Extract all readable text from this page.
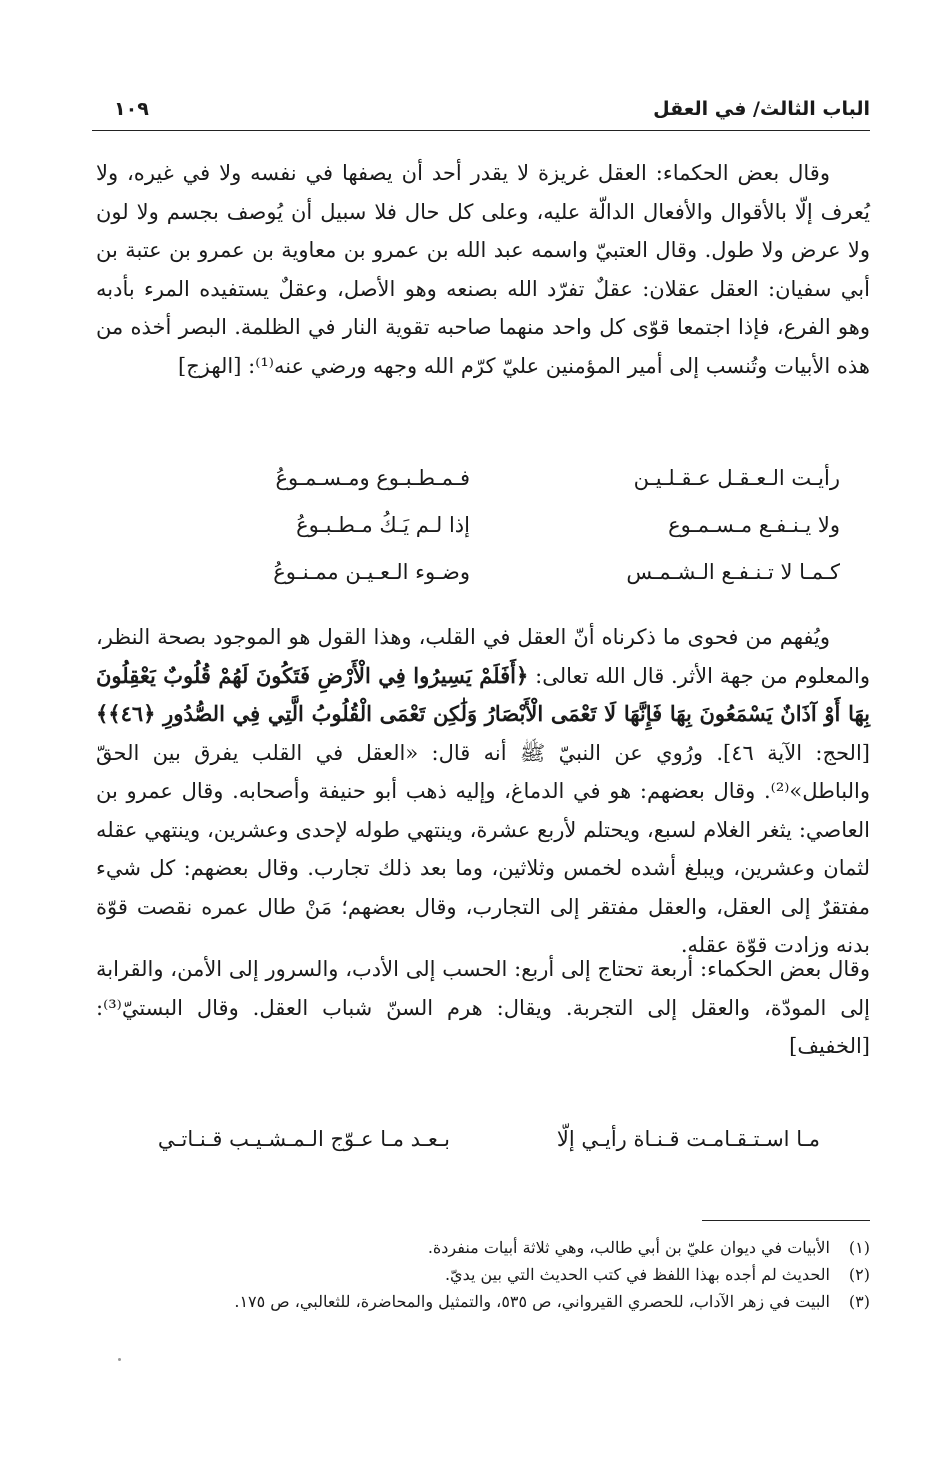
الباب الثالث/ في العقل
١٠٩
وقال بعض الحكماء: العقل غريزة لا يقدر أحد أن يصفها في نفسه ولا في غيره، ولا يُعرف إلّا بالأقوال والأفعال الدالّة عليه، وعلى كل حال فلا سبيل أن يُوصف بجسم ولا لون ولا عرض ولا طول. وقال العتبيّ واسمه عبد الله بن عمرو بن معاوية بن عمرو بن عتبة بن أبي سفيان: العقل عقلان: عقلٌ تفرّد الله بصنعه وهو الأصل، وعقلٌ يستفيده المرء بأدبه وهو الفرع، فإذا اجتمعا قوّى كل واحد منهما صاحبه تقوية النار في الظلمة. البصر أخذه من هذه الأبيات وتُنسب إلى أمير المؤمنين عليّ كرّم الله وجهه ورضي عنه⁽¹⁾: [الهزج]
رأيـت الـعـقـل عـقـلـيـن
فـمـطـبـوع ومـسـمـوعُ
ولا يـنـفـع مـسـمـوع
إذا لـم يَـكُ مـطـبـوعُ
كـمـا لا تـنـفـع الـشـمـس
وضـوء الـعـيـن ممـنـوعُ
ويُفهم من فحوى ما ذكرناه أنّ العقل في القلب، وهذا القول هو الموجود بصحة النظر، والمعلوم من جهة الأثر. قال الله تعالى: ﴿أَفَلَمْ يَسِيرُوا فِي الْأَرْضِ فَتَكُونَ لَهُمْ قُلُوبٌ يَعْقِلُونَ بِهَا أَوْ آذَانٌ يَسْمَعُونَ بِهَا فَإِنَّهَا لَا تَعْمَى الْأَبْصَارُ وَلَٰكِن تَعْمَى الْقُلُوبُ الَّتِي فِي الصُّدُورِ ﴿٤٦﴾﴾ [الحج: الآية ٤٦]. ورُوي عن النبيّ ﷺ أنه قال: «العقل في القلب يفرق بين الحقّ والباطل»⁽²⁾. وقال بعضهم: هو في الدماغ، وإليه ذهب أبو حنيفة وأصحابه. وقال عمرو بن العاصي: يثغر الغلام لسبع، ويحتلم لأربع عشرة، وينتهي طوله لإحدى وعشرين، وينتهي عقله لثمان وعشرين، ويبلغ أشده لخمس وثلاثين، وما بعد ذلك تجارب. وقال بعضهم: كل شيء مفتقرٌ إلى العقل، والعقل مفتقر إلى التجارب، وقال بعضهم؛ مَنْ طال عمره نقصت قوّة بدنه وزادت قوّة عقله.
وقال بعض الحكماء: أربعة تحتاج إلى أربع: الحسب إلى الأدب، والسرور إلى الأمن، والقرابة إلى المودّة، والعقل إلى التجربة. ويقال: هرم السنّ شباب العقل. وقال البستيّ⁽³⁾: [الخفيف]
مـا اسـتـقـامـت قـنـاة رأيـي إلّا
بـعـد مـا عـوّج الـمـشـيـب قـنـاتـي
(١)
الأبيات في ديوان عليّ بن أبي طالب، وهي ثلاثة أبيات منفردة.
(٢)
الحديث لم أجده بهذا اللفظ في كتب الحديث التي بين يديّ.
(٣)
البيت في زهر الآداب، للحصري القيرواني، ص ٥٣٥، والتمثيل والمحاضرة، للثعالبي، ص ١٧٥.
